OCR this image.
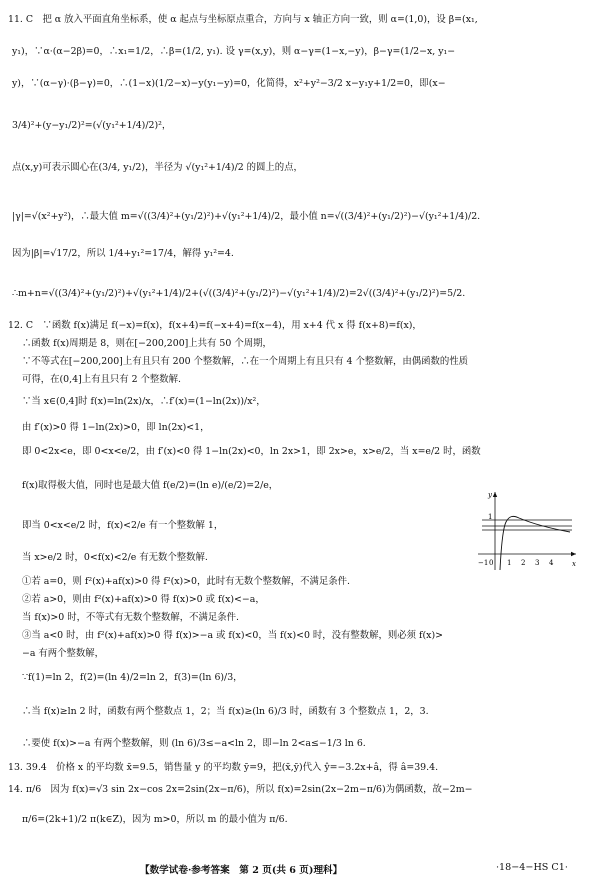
11. C　把 α 放入平面直角坐标系，使 α 起点与坐标原点重合，方向与 x 轴正方向一致，则 α=(1,0)，设 β=(x₁,
y₁)，∵α·(α−2β)=0，∴x₁=1/2，∴β=(1/2, y₁). 设 γ=(x,y)，则 α−γ=(1−x,−y)，β−γ=(1/2−x, y₁−
y)，∵(α−γ)·(β−γ)=0，∴(1−x)(1/2−x)−y(y₁−y)=0，化简得，x²+y²−3/2 x−y₁y+1/2=0，即(x−
3/4)²+(y−y₁/2)²=(√(y₁²+1/4)/2)²，
点(x,y)可表示圆心在(3/4, y₁/2)，半径为 √(y₁²+1/4)/2 的圆上的点，
|γ|=√(x²+y²)，∴最大值 m=√((3/4)²+(y₁/2)²)+√(y₁²+1/4)/2，最小值 n=√((3/4)²+(y₁/2)²)−√(y₁²+1/4)/2.
因为|β|=√17/2，所以 1/4+y₁²=17/4，解得 y₁²=4.
∴m+n=√((3/4)²+(y₁/2)²)+√(y₁²+1/4)/2+(√((3/4)²+(y₁/2)²)−√(y₁²+1/4)/2)=2√((3/4)²+(y₁/2)²)=5/2.
12. C　∵函数 f(x)满足 f(−x)=f(x)，f(x+4)=f(−x+4)=f(x−4)，用 x+4 代 x 得 f(x+8)=f(x)，
∴函数 f(x)周期是 8，则在[−200,200]上共有 50 个周期，
∵不等式在[−200,200]上有且只有 200 个整数解，∴在一个周期上有且只有 4 个整数解，由偶函数的性质
可得，在(0,4]上有且只有 2 个整数解.
∵当 x∈(0,4]时 f(x)=ln(2x)/x，∴f′(x)=(1−ln(2x))/x²，
由 f′(x)>0 得 1−ln(2x)>0，即 ln(2x)<1，
即 0<2x<e，即 0<x<e/2，由 f′(x)<0 得 1−ln(2x)<0，ln 2x>1，即 2x>e，x>e/2，当 x=e/2 时，函数
f(x)取得极大值，同时也是最大值 f(e/2)=(ln e)/(e/2)=2/e，
即当 0<x<e/2 时，f(x)<2/e 有一个整数解 1，
当 x>e/2 时，0<f(x)<2/e 有无数个整数解.
①若 a=0，则 f²(x)+af(x)>0 得 f²(x)>0，此时有无数个整数解，不满足条件.
②若 a>0，则由 f²(x)+af(x)>0 得 f(x)>0 或 f(x)<−a，
当 f(x)>0 时，不等式有无数个整数解，不满足条件.
③当 a<0 时，由 f²(x)+af(x)>0 得 f(x)>−a 或 f(x)<0，当 f(x)<0 时，没有整数解，则必须 f(x)>
−a 有两个整数解，
∵f(1)=ln 2，f(2)=(ln 4)/2=ln 2，f(3)=(ln 6)/3，
∴当 f(x)≥ln 2 时，函数有两个整数点 1，2；当 f(x)≥(ln 6)/3 时，函数有 3 个整数点 1，2，3.
∴要使 f(x)>−a 有两个整数解，则 (ln 6)/3≤−a<ln 2，即−ln 2<a≤−1/3 ln 6.
13. 39.4　价格 x 的平均数 x̄=9.5，销售量 y 的平均数 ȳ=9，把(x̄,ȳ)代入 ŷ=−3.2x+â，得 â=39.4.
14. π/6　因为 f(x)=√3 sin 2x−cos 2x=2sin(2x−π/6)，所以 f(x)=2sin(2x−2m−π/6)为偶函数，故−2m−
π/6=(2k+1)/2 π(k∈Z)，因为 m>0，所以 m 的最小值为 π/6.
y
1
x
−1 0 1 2 3 4
【数学试卷·参考答案　第 2 页(共 6 页)理科】	·18−4−HS C1·
